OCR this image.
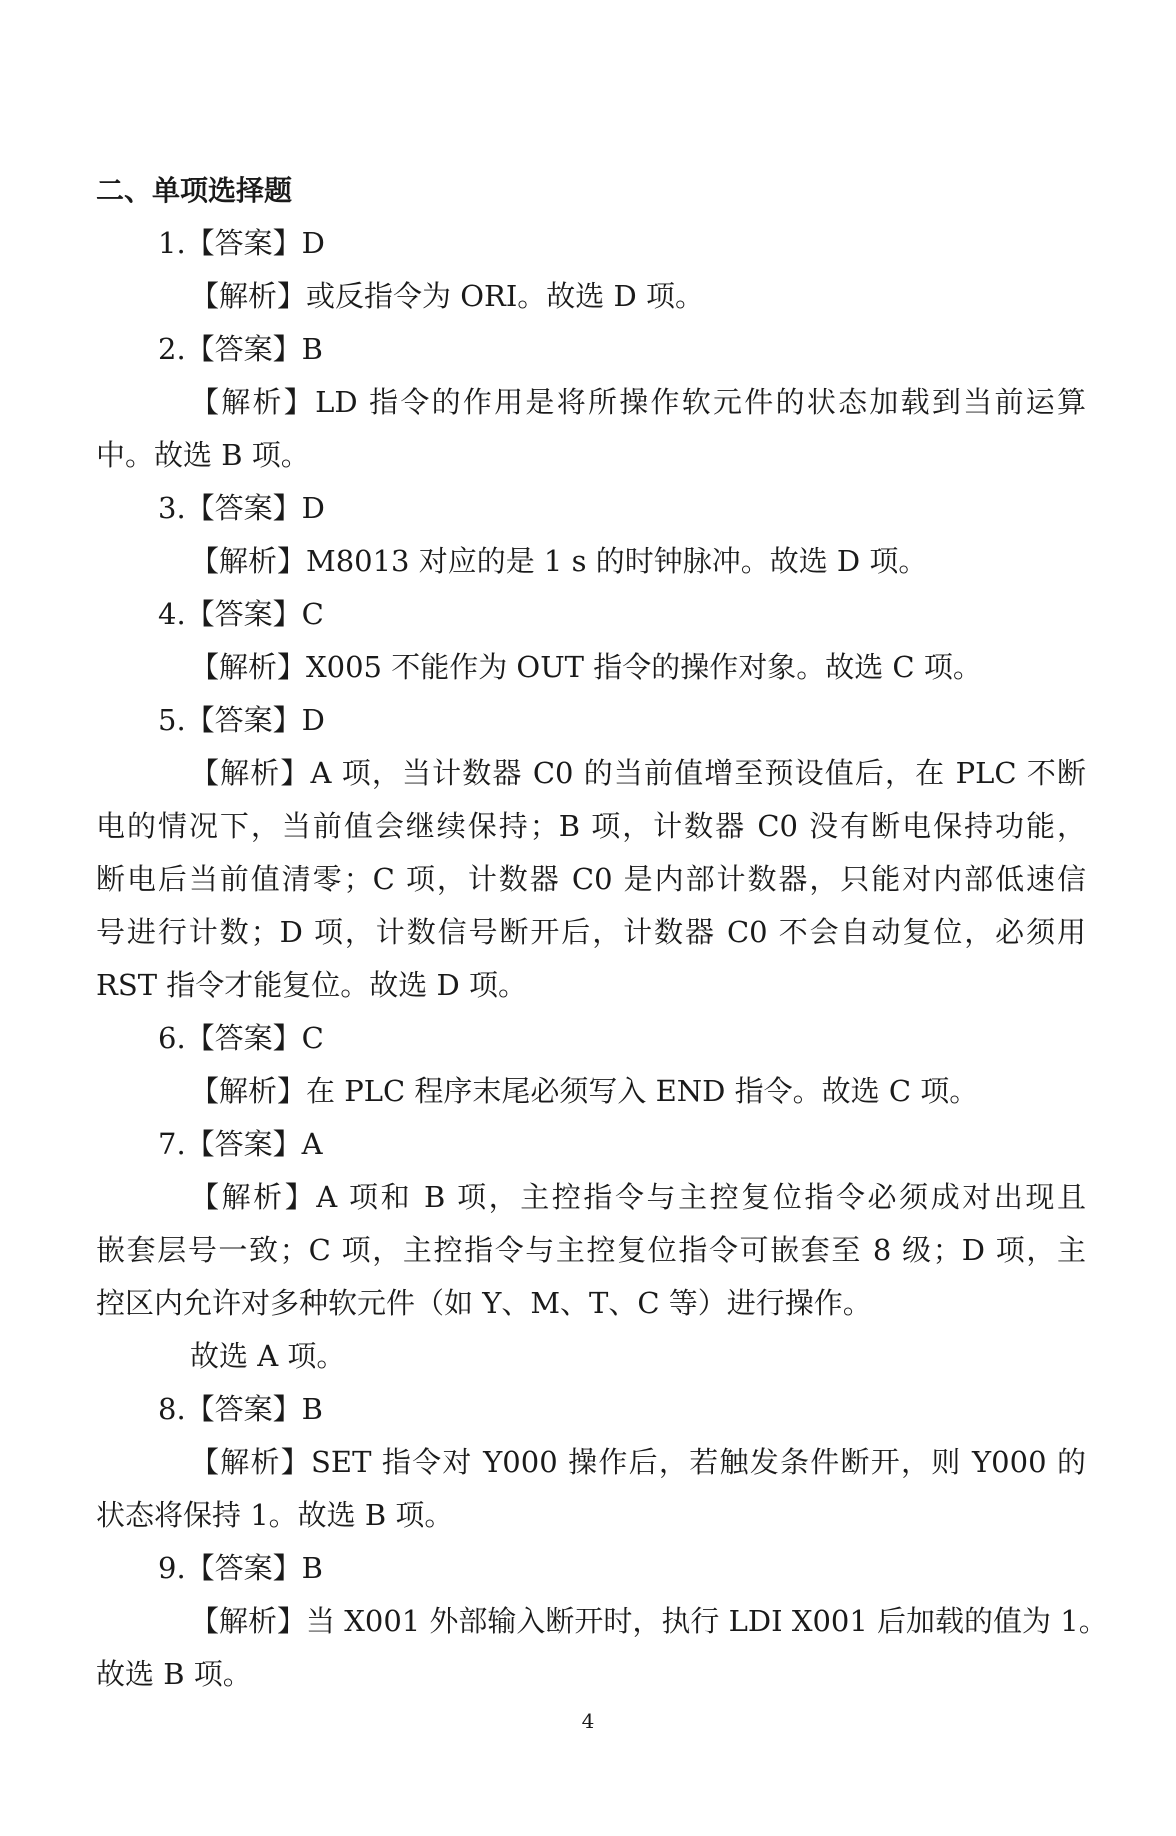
二、单项选择题
1.【答案】D
【解析】或反指令为 ORI。故选 D 项。
2.【答案】B
【解析】LD 指令的作用是将所操作软元件的状态加载到当前运算
中。故选 B 项。
3.【答案】D
【解析】M8013 对应的是 1 s 的时钟脉冲。故选 D 项。
4.【答案】C
【解析】X005 不能作为 OUT 指令的操作对象。故选 C 项。
5.【答案】D
【解析】A 项，当计数器 C0 的当前值增至预设值后，在 PLC 不断
电的情况下，当前值会继续保持；B 项，计数器 C0 没有断电保持功能，
断电后当前值清零；C 项，计数器 C0 是内部计数器，只能对内部低速信
号进行计数；D 项，计数信号断开后，计数器 C0 不会自动复位，必须用
RST 指令才能复位。故选 D 项。
6.【答案】C
【解析】在 PLC 程序末尾必须写入 END 指令。故选 C 项。
7.【答案】A
【解析】A 项和 B 项，主控指令与主控复位指令必须成对出现且
嵌套层号一致；C 项，主控指令与主控复位指令可嵌套至 8 级；D 项，主
控区内允许对多种软元件（如 Y、M、T、C 等）进行操作。
故选 A 项。
8.【答案】B
【解析】SET 指令对 Y000 操作后，若触发条件断开，则 Y000 的
状态将保持 1。故选 B 项。
9.【答案】B
【解析】当 X001 外部输入断开时，执行 LDI X001 后加载的值为 1。
故选 B 项。
4
